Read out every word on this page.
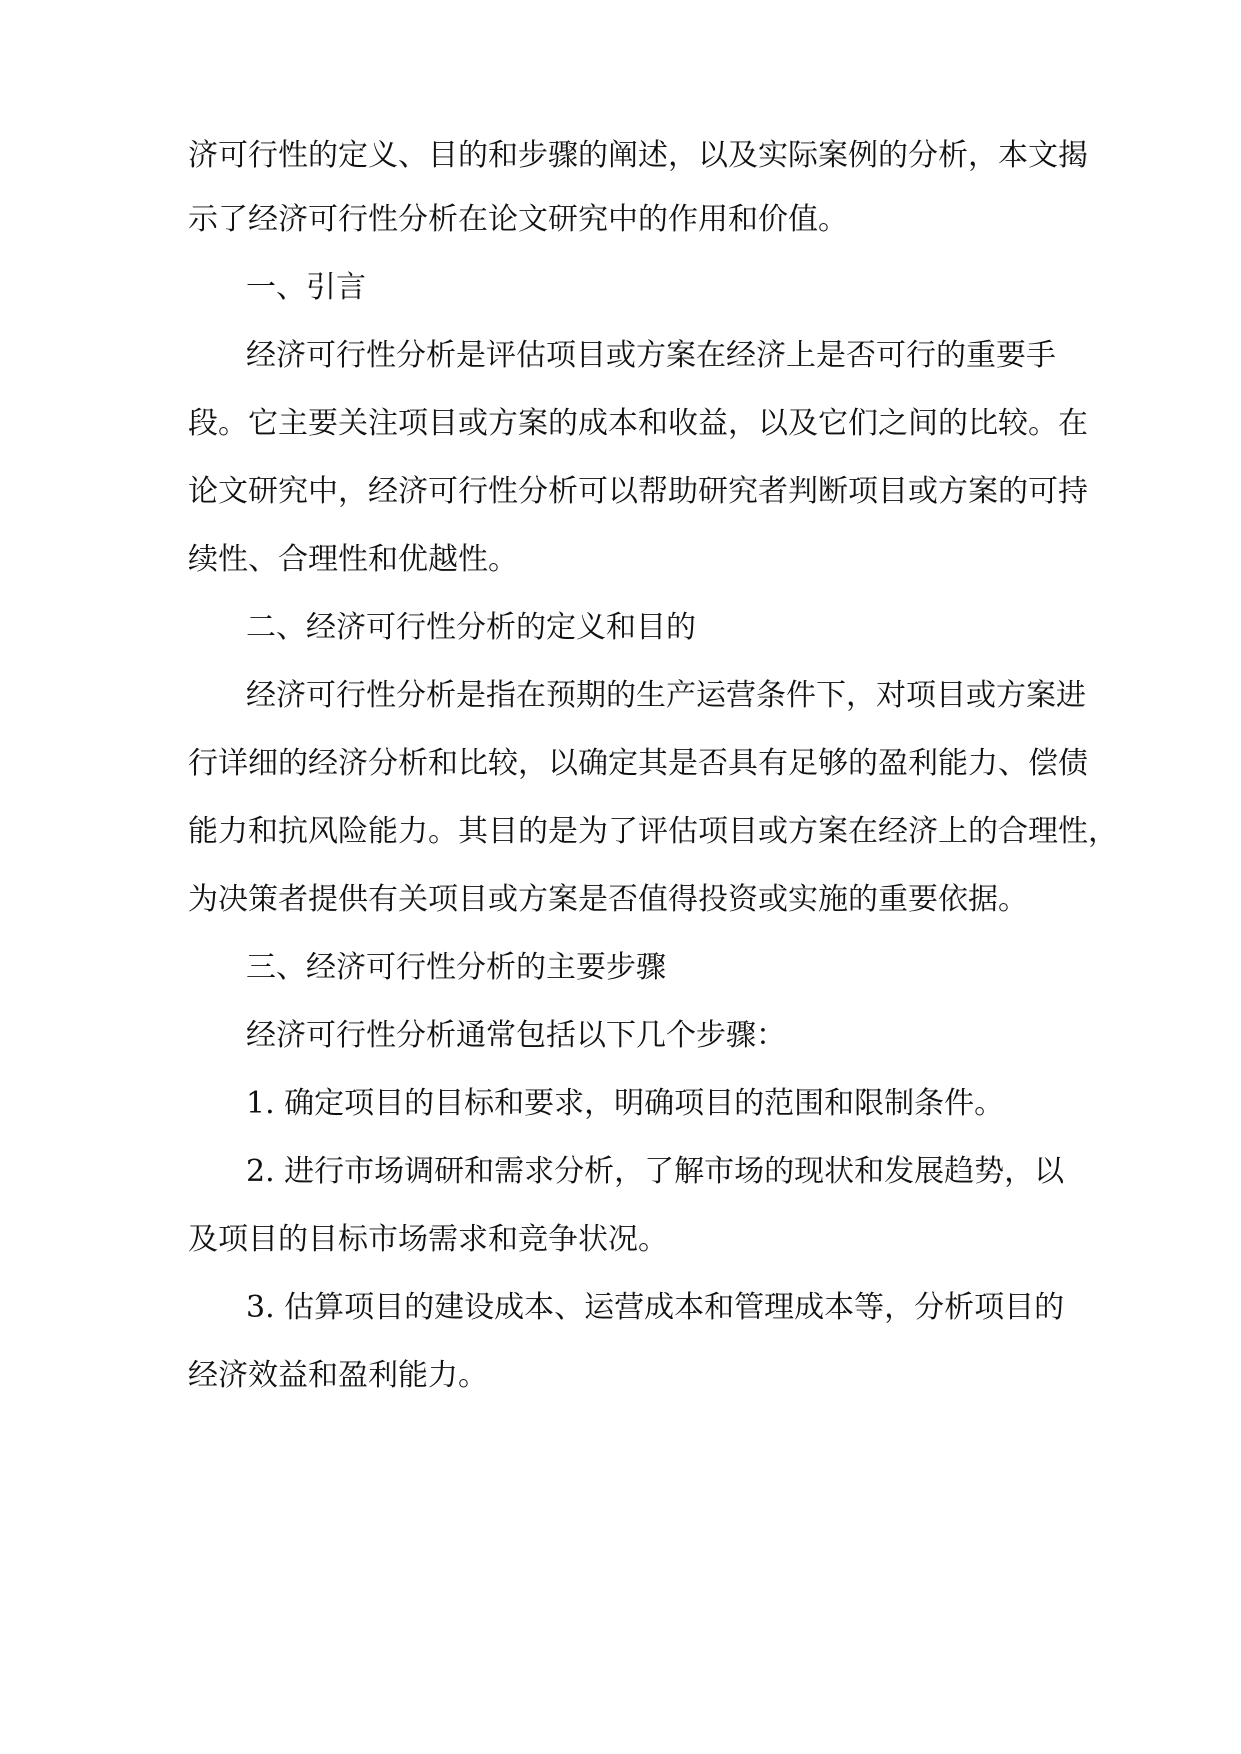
济可行性的定义、目的和步骤的阐述，以及实际案例的分析，本文揭

示了经济可行性分析在论文研究中的作用和价值。

一、引言

经济可行性分析是评估项目或方案在经济上是否可行的重要手

段。它主要关注项目或方案的成本和收益，以及它们之间的比较。在

论文研究中，经济可行性分析可以帮助研究者判断项目或方案的可持

续性、合理性和优越性。

二、经济可行性分析的定义和目的

经济可行性分析是指在预期的生产运营条件下，对项目或方案进

行详细的经济分析和比较，以确定其是否具有足够的盈利能力、偿债

能力和抗风险能力。其目的是为了评估项目或方案在经济上的合理性，

为决策者提供有关项目或方案是否值得投资或实施的重要依据。

三、经济可行性分析的主要步骤

经济可行性分析通常包括以下几个步骤：

1. 确定项目的目标和要求，明确项目的范围和限制条件。

2. 进行市场调研和需求分析，了解市场的现状和发展趋势，以

及项目的目标市场需求和竞争状况。

3. 估算项目的建设成本、运营成本和管理成本等，分析项目的

经济效益和盈利能力。
